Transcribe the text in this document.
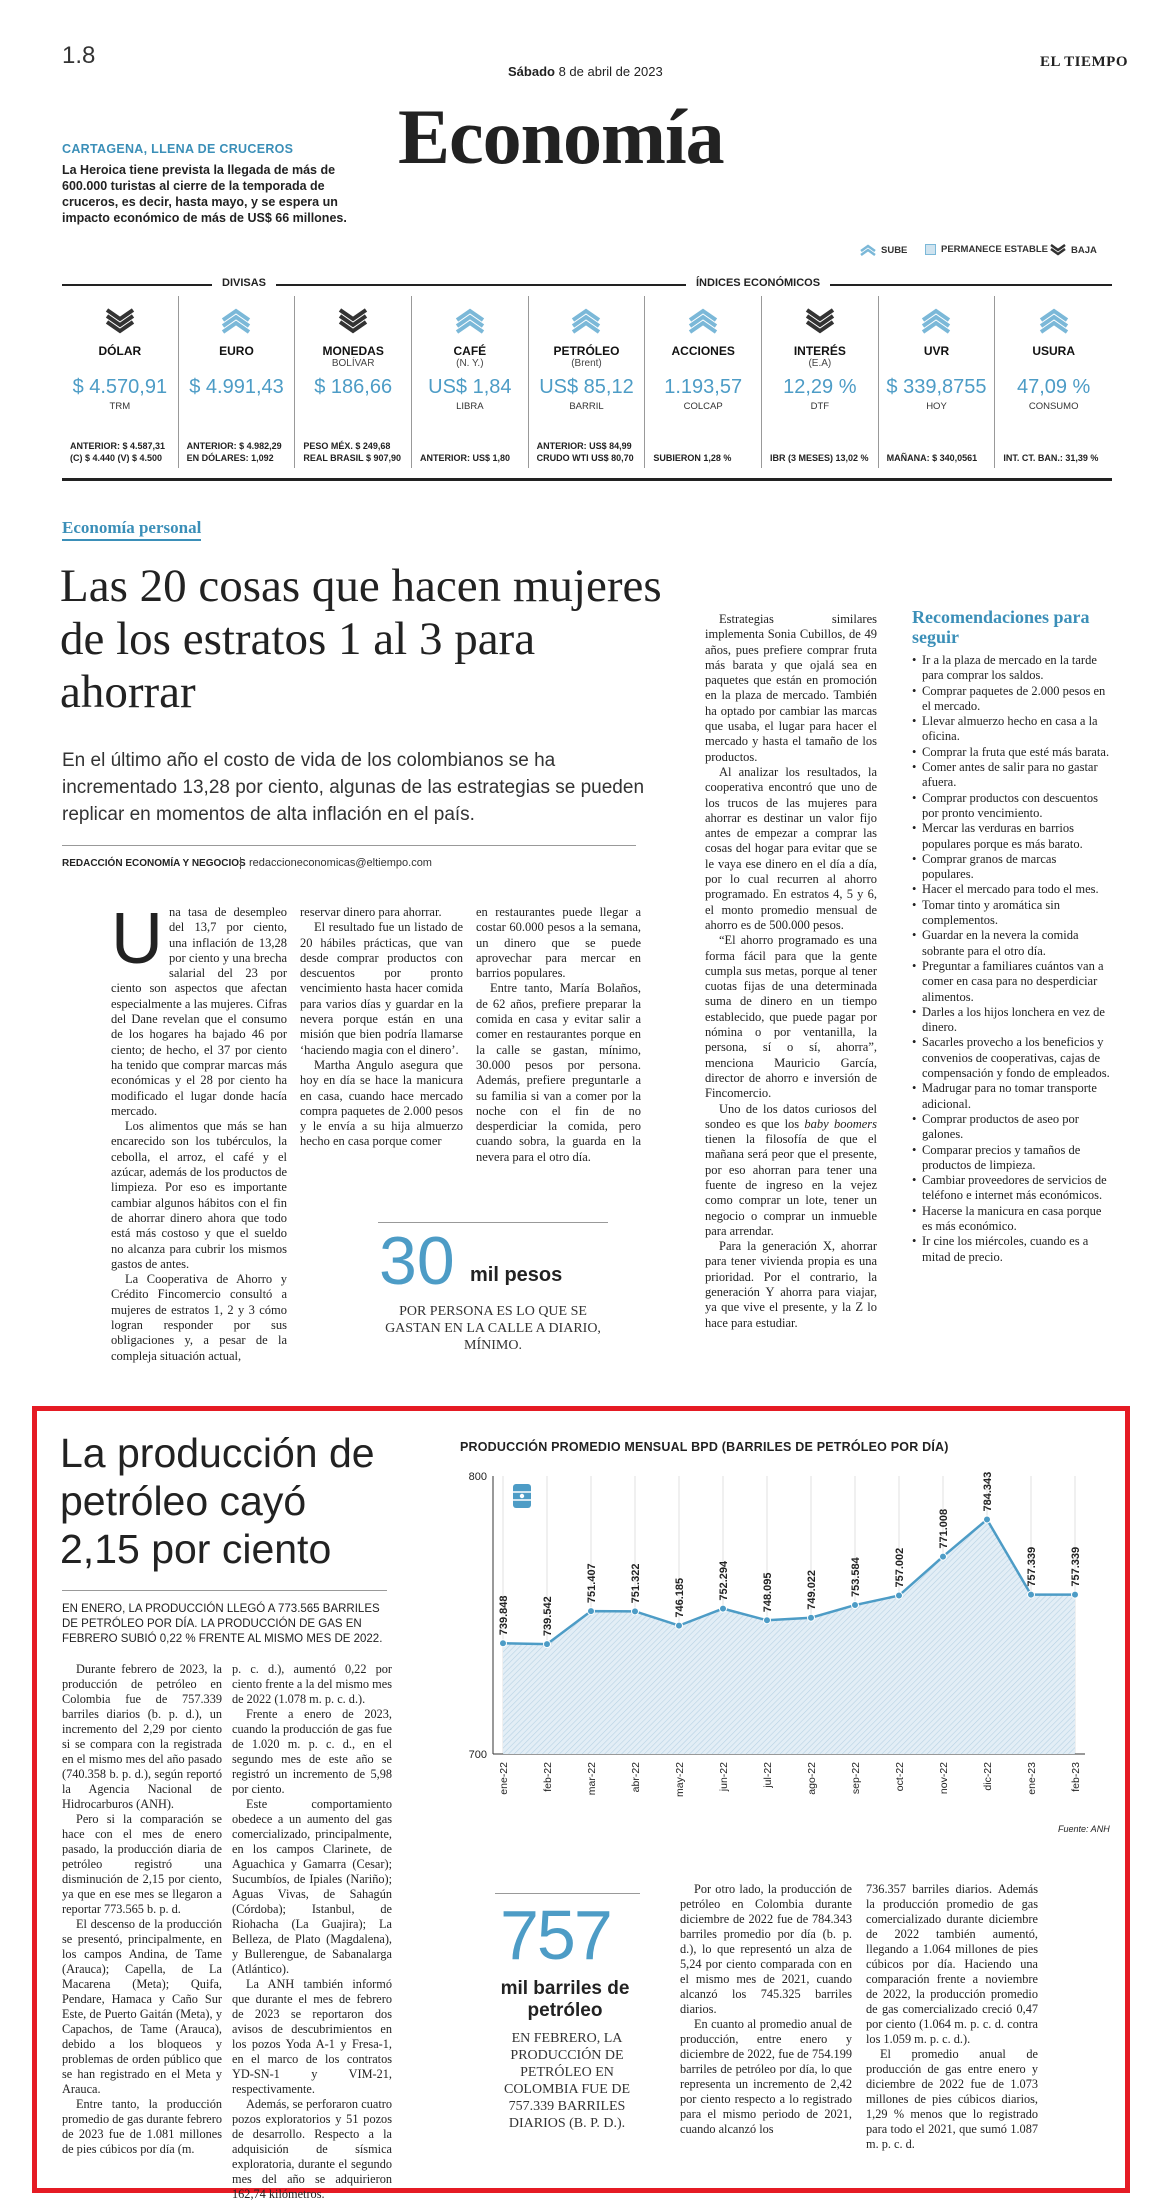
1.8
Sábado 8 de abril de 2023
EL TIEMPO
Economía
CARTAGENA, LLENA DE CRUCEROS
La Heroica tiene prevista la llegada de más de 600.000 turistas al cierre de la temporada de cruceros, es decir, hasta mayo, y se espera un impacto económico de más de US$ 66 millones.
SUBE	PERMANECE ESTABLE BAJA
DIVISAS	ÍNDICES ECONÓMICOS
DÓLAR
$ 4.570,91
TRM
ANTERIOR: $ 4.587,31
(C) $ 4.440 (V) $ 4.500
EURO
$ 4.991,43
ANTERIOR: $ 4.982,29
EN DÓLARES: 1,092
MONEDAS
BOLÍVAR
$ 186,66
PESO MÉX. $ 249,68
REAL BRASIL $ 907,90
CAFÉ
(N. Y.)
US$ 1,84
LIBRA
ANTERIOR: US$ 1,80
PETRÓLEO
(Brent)
US$ 85,12
BARRIL
ANTERIOR: US$ 84,99
CRUDO WTI US$ 80,70
ACCIONES
1.193,57
COLCAP
SUBIERON 1,28 %
INTERÉS
(E.A)
12,29 %
DTF
IBR (3 MESES) 13,02 %
UVR
$ 339,8755
HOY
MAÑANA: $ 340,0561
USURA
47,09 %
CONSUMO
INT. CT. BAN.: 31,39 %
Economía personal
Las 20 cosas que hacen mujeres de los estratos 1 al 3 para ahorrar
En el último año el costo de vida de los colombianos se ha incrementado 13,28 por ciento, algunas de las estrategias se pueden replicar en momentos de alta inflación en el país.
REDACCIÓN ECONOMÍA Y NEGOCIOS redaccioneconomicas@eltiempo.com

Una tasa de desempleo del 13,7 por ciento, una inflación de 13,28 por ciento y una brecha salarial del 23 por ciento son aspectos que afectan especialmente a las mujeres. Cifras del Dane revelan que el consumo de los hogares ha bajado 46 por ciento; de hecho, el 37 por ciento ha tenido que comprar marcas más económicas y el 28 por ciento ha modificado el lugar donde hacía mercado.

Los alimentos que más se han encarecido son los tubérculos, la cebolla, el arroz, el café y el azúcar, además de los productos de limpieza. Por eso es importante cambiar algunos hábitos con el fin de ahorrar dinero ahora que todo está más costoso y que el sueldo no alcanza para cubrir los mismos gastos de antes.

La Cooperativa de Ahorro y Crédito Fincomercio consultó a mujeres de estratos 1, 2 y 3 cómo logran responder por sus obligaciones y, a pesar de la compleja situación actual,

reservar dinero para ahorrar.

El resultado fue un listado de 20 hábiles prácticas, que van desde comprar productos con descuentos por pronto vencimiento hasta hacer comida para varios días y guardar en la nevera porque están en una misión que bien podría llamarse ‘haciendo magia con el dinero’.

Martha Angulo asegura que hoy en día se hace la manicura en casa, cuando hace mercado compra paquetes de 2.000 pesos y le envía a su hija almuerzo hecho en casa porque comer

en restaurantes puede llegar a costar 60.000 pesos a la semana, un dinero que se puede aprovechar para mercar en barrios populares.

Entre tanto, María Bolaños, de 62 años, prefiere preparar la comida en casa y evitar salir a comer en restaurantes porque en la calle se gastan, mínimo, 30.000 pesos por persona. Además, prefiere preguntarle a su familia si van a comer por la noche con el fin de no desperdiciar la comida, pero cuando sobra, la guarda en la nevera para el otro día.

Estrategias similares implementa Sonia Cubillos, de 49 años, pues prefiere comprar fruta más barata y que ojalá sea en paquetes que están en promoción en la plaza de mercado. También ha optado por cambiar las marcas que usaba, el lugar para hacer el mercado y hasta el tamaño de los productos.

Al analizar los resultados, la cooperativa encontró que uno de los trucos de las mujeres para ahorrar es destinar un valor fijo antes de empezar a comprar las cosas del hogar para evitar que se le vaya ese dinero en el día a día, por lo cual recurren al ahorro programado. En estratos 4, 5 y 6, el monto promedio mensual de ahorro es de 500.000 pesos.

“El ahorro programado es una forma fácil para que la gente cumpla sus metas, porque al tener cuotas fijas de una determinada suma de dinero en un tiempo establecido, que puede pagar por nómina o por ventanilla, la persona, sí o sí, ahorra”, menciona Mauricio García, director de ahorro e inversión de Fincomercio.

Uno de los datos curiosos del sondeo es que los baby boomers tienen la filosofía de que el mañana será peor que el presente, por eso ahorran para tener una fuente de ingreso en la vejez como comprar un lote, tener un negocio o comprar un inmueble para arrendar.

Para la generación X, ahorrar para tener vivienda propia es una prioridad. Por el contrario, la generación Y ahorra para viajar, ya que vive el presente, y la Z lo hace para estudiar.

30 mil pesos
POR PERSONA ES LO QUE SE GASTAN EN LA CALLE A DIARIO, MÍNIMO.
Recomendaciones para seguir
• Ir a la plaza de mercado en la tarde para comprar los saldos.
• Comprar paquetes de 2.000 pesos en el mercado.
• Llevar almuerzo hecho en casa a la oficina.
• Comprar la fruta que esté más barata.
• Comer antes de salir para no gastar afuera.
• Comprar productos con descuentos por pronto vencimiento.
• Mercar las verduras en barrios populares porque es más barato.
• Comprar granos de marcas populares.
• Hacer el mercado para todo el mes.
• Tomar tinto y aromática sin complementos.
• Guardar en la nevera la comida sobrante para el otro día.
• Preguntar a familiares cuántos van a comer en casa para no desperdiciar alimentos.
• Darles a los hijos lonchera en vez de dinero.
• Sacarles provecho a los beneficios y convenios de cooperativas, cajas de compensación y fondo de empleados.
• Madrugar para no tomar transporte adicional.
• Comprar productos de aseo por galones.
• Comparar precios y tamaños de productos de limpieza.
• Cambiar proveedores de servicios de teléfono e internet más económicos.
• Hacerse la manicura en casa porque es más económico.
• Ir cine los miércoles, cuando es a mitad de precio.
La producción de petróleo cayó 2,15 por ciento
EN ENERO, LA PRODUCCIÓN LLEGÓ A 773.565 BARRILES DE PETRÓLEO POR DÍA. LA PRODUCCIÓN DE GAS EN FEBRERO SUBIÓ 0,22 % FRENTE AL MISMO MES DE 2022.

Durante febrero de 2023, la producción de petróleo en Colombia fue de 757.339 barriles diarios (b. p. d.), un incremento del 2,29 por ciento si se compara con la registrada en el mismo mes del año pasado (740.358 b. p. d.), según reportó la Agencia Nacional de Hidrocarburos (ANH).

Pero si la comparación se hace con el mes de enero pasado, la producción diaria de petróleo registró una disminución de 2,15 por ciento, ya que en ese mes se llegaron a reportar 773.565 b. p. d.

El descenso de la producción se presentó, principalmente, en los campos Andina, de Tame (Arauca); Capella, de La Macarena (Meta); Quifa, Pendare, Hamaca y Caño Sur Este, de Puerto Gaitán (Meta), y Capachos, de Tame (Arauca), debido a los bloqueos y problemas de orden público que se han registrado en el Meta y Arauca.

Entre tanto, la producción promedio de gas durante febrero de 2023 fue de 1.081 millones de pies cúbicos por día (m.

p. c. d.), aumentó 0,22 por ciento frente a la del mismo mes de 2022 (1.078 m. p. c. d.).

Frente a enero de 2023, cuando la producción de gas fue de 1.020 m. p. c. d., en el segundo mes de este año se registró un incremento de 5,98 por ciento.

Este comportamiento obedece a un aumento del gas comercializado, principalmente, en los campos Clarinete, de Aguachica y Gamarra (Cesar); Sucumbíos, de Ipiales (Nariño); Aguas Vivas, de Sahagún (Córdoba); Istanbul, de Riohacha (La Guajira); La Belleza, de Plato (Magdalena), y Bullerengue, de Sabanalarga (Atlántico).

La ANH también informó que durante el mes de febrero de 2023 se reportaron dos avisos de descubrimientos en los pozos Yoda A-1 y Fresa-1, en el marco de los contratos YD-SN-1 y VIM-21, respectivamente.

Además, se perforaron cuatro pozos exploratorios y 51 pozos de desarrollo. Respecto a la adquisición de sísmica exploratoria, durante el segundo mes del año se adquirieron 162,74 kilómetros.

PRODUCCIÓN PROMEDIO MENSUAL BPD (BARRILES DE PETRÓLEO POR DÍA)
739.848
ene-22
739.542
feb-22
751.407
mar-22
751.322
abr-22
746.185
may-22
752.294
jun-22
748.095
jul-22
749.022
ago-22
753.584
sep-22
757.002
oct-22
771.008
nov-22
784.343
dic-22
757.339
ene-23
757.339
feb-23
800
700
Fuente: ANH
757
mil barriles de petróleo
EN FEBRERO, LA PRODUCCIÓN DE PETRÓLEO EN COLOMBIA FUE DE 757.339 BARRILES DIARIOS (B. P. D.).

Por otro lado, la producción de petróleo en Colombia durante diciembre de 2022 fue de 784.343 barriles promedio por día (b. p. d.), lo que representó un alza de 5,24 por ciento comparada con en el mismo mes de 2021, cuando alcanzó los 745.325 barriles diarios.

En cuanto al promedio anual de producción, entre enero y diciembre de 2022, fue de 754.199 barriles de petróleo por día, lo que representa un incremento de 2,42 por ciento respecto a lo registrado para el mismo periodo de 2021, cuando alcanzó los

736.357 barriles diarios. Además la producción promedio de gas comercializado durante diciembre de 2022 también aumentó, llegando a 1.064 millones de pies cúbicos por día. Haciendo una comparación frente a noviembre de 2022, la producción promedio de gas comercializado creció 0,47 por ciento (1.064 m. p. c. d. contra los 1.059 m. p. c. d.).

El promedio anual de producción de gas entre enero y diciembre de 2022 fue de 1.073 millones de pies cúbicos diarios, 1,29 % menos que lo registrado para todo el 2021, que sumó 1.087 m. p. c. d.
